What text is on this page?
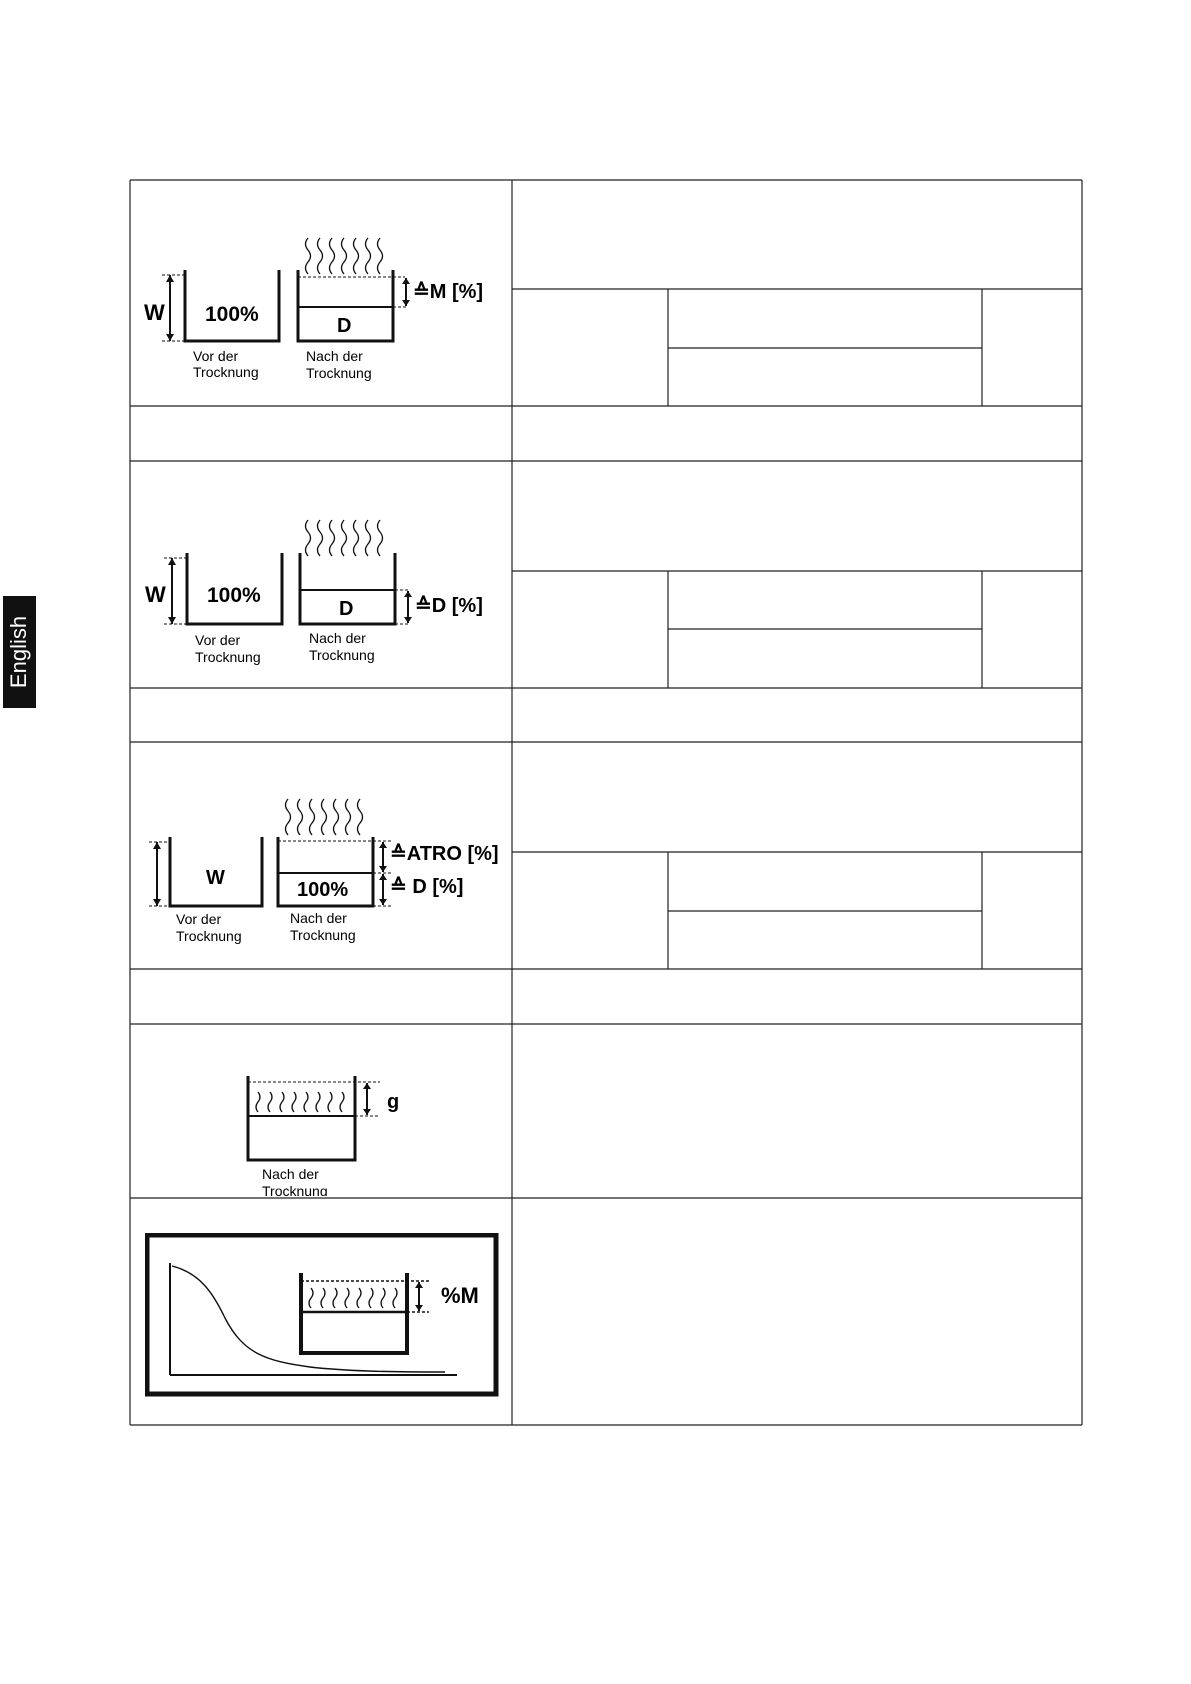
English
W 100%
Vor der
Trocknung
D
≙M [%]
Nach der
Trocknung
W 100%
Vor der
Trocknung
D	≙D [%]
Nach der
Trocknung
W
Vor der
Trocknung
100%
≙ATRO [%]
≙ D [%]
Nach der
Trocknung
g
Nach der
Trocknung
%M
